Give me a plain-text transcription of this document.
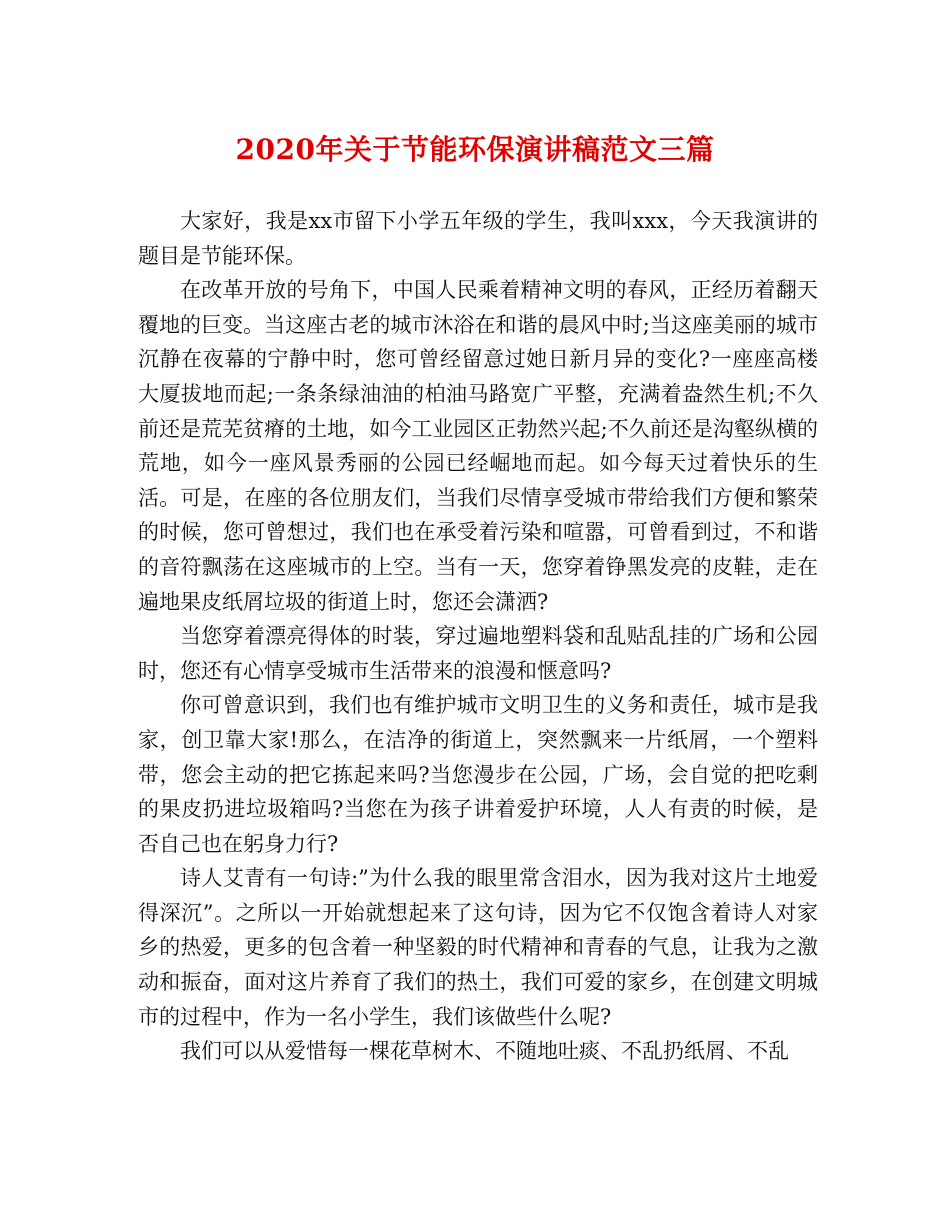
2020年关于节能环保演讲稿范文三篇

大家好，我是xx市留下小学五年级的学生，我叫xxx，今天我演讲的题目是节能环保。

在改革开放的号角下，中国人民乘着精神文明的春风，正经历着翻天覆地的巨变。当这座古老的城市沐浴在和谐的晨风中时;当这座美丽的城市沉静在夜幕的宁静中时，您可曾经留意过她日新月异的变化?一座座高楼大厦拔地而起;一条条绿油油的柏油马路宽广平整，充满着盎然生机;不久前还是荒芜贫瘠的土地，如今工业园区正勃然兴起;不久前还是沟壑纵横的荒地，如今一座风景秀丽的公园已经崛地而起。如今每天过着快乐的生活。可是，在座的各位朋友们，当我们尽情享受城市带给我们方便和繁荣的时候，您可曾想过，我们也在承受着污染和喧嚣，可曾看到过，不和谐的音符飘荡在这座城市的上空。当有一天，您穿着铮黑发亮的皮鞋，走在遍地果皮纸屑垃圾的街道上时，您还会潇洒?

当您穿着漂亮得体的时装，穿过遍地塑料袋和乱贴乱挂的广场和公园时，您还有心情享受城市生活带来的浪漫和惬意吗?

你可曾意识到，我们也有维护城市文明卫生的义务和责任，城市是我家，创卫靠大家!那么，在洁净的街道上，突然飘来一片纸屑，一个塑料带，您会主动的把它拣起来吗?当您漫步在公园，广场，会自觉的把吃剩的果皮扔进垃圾箱吗?当您在为孩子讲着爱护环境，人人有责的时候，是否自己也在躬身力行?

诗人艾青有一句诗:”为什么我的眼里常含泪水，因为我对这片土地爱得深沉”。之所以一开始就想起来了这句诗，因为它不仅饱含着诗人对家乡的热爱，更多的包含着一种坚毅的时代精神和青春的气息，让我为之激动和振奋，面对这片养育了我们的热土，我们可爱的家乡，在创建文明城市的过程中，作为一名小学生，我们该做些什么呢?

我们可以从爱惜每一棵花草树木、不随地吐痰、不乱扔纸屑、不乱
